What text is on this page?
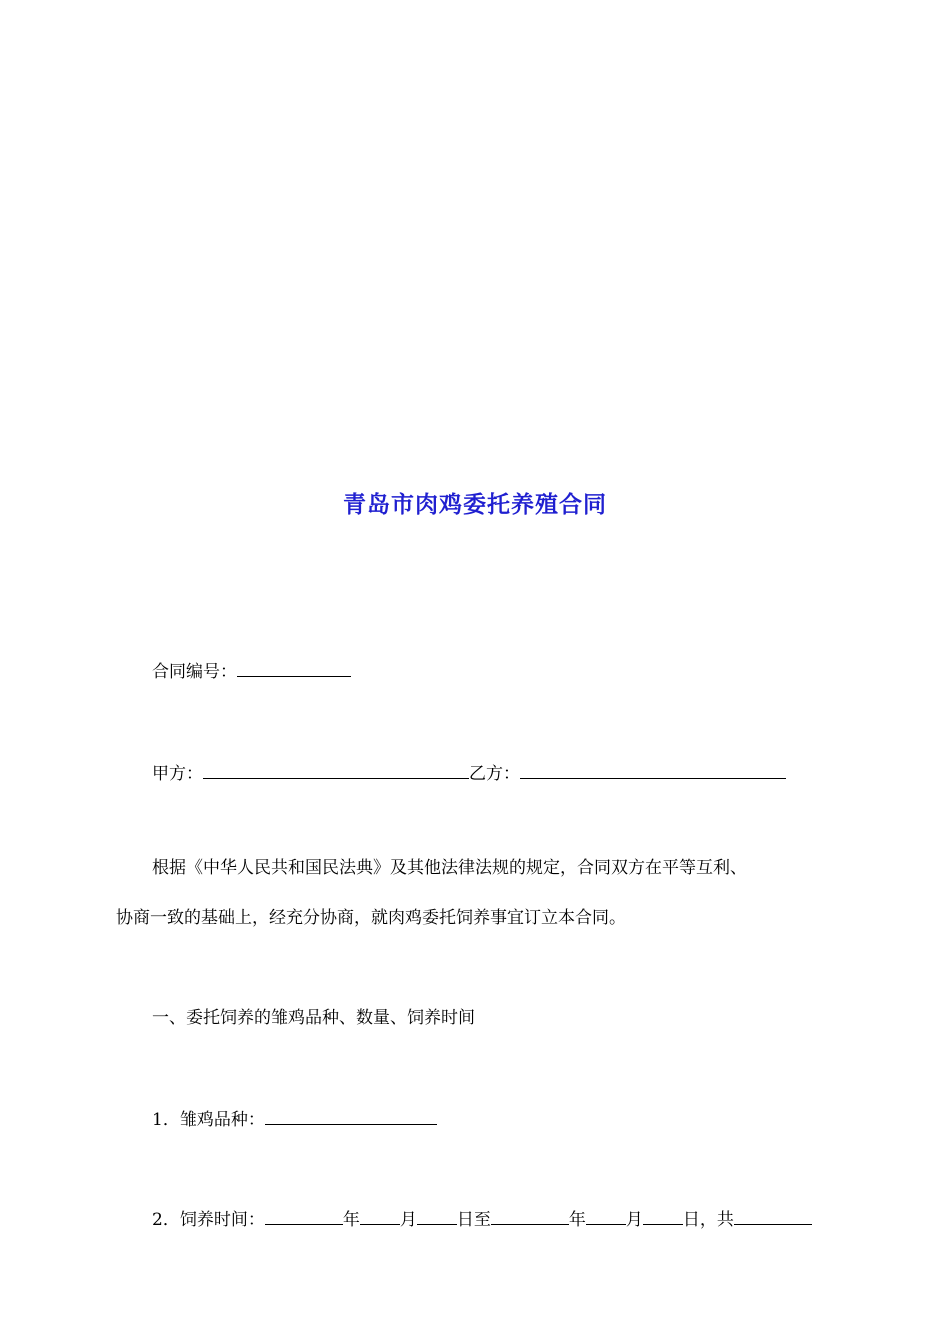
青岛市肉鸡委托养殖合同
合同编号：
甲方：	乙方：
根据《中华人民共和国民法典》及其他法律法规的规定，合同双方在平等互利、
协商一致的基础上，经充分协商，就肉鸡委托饲养事宜订立本合同。
一、委托饲养的雏鸡品种、数量、饲养时间
1．雏鸡品种：
2．饲养时间：	年 月 日至	年 月 日，共
